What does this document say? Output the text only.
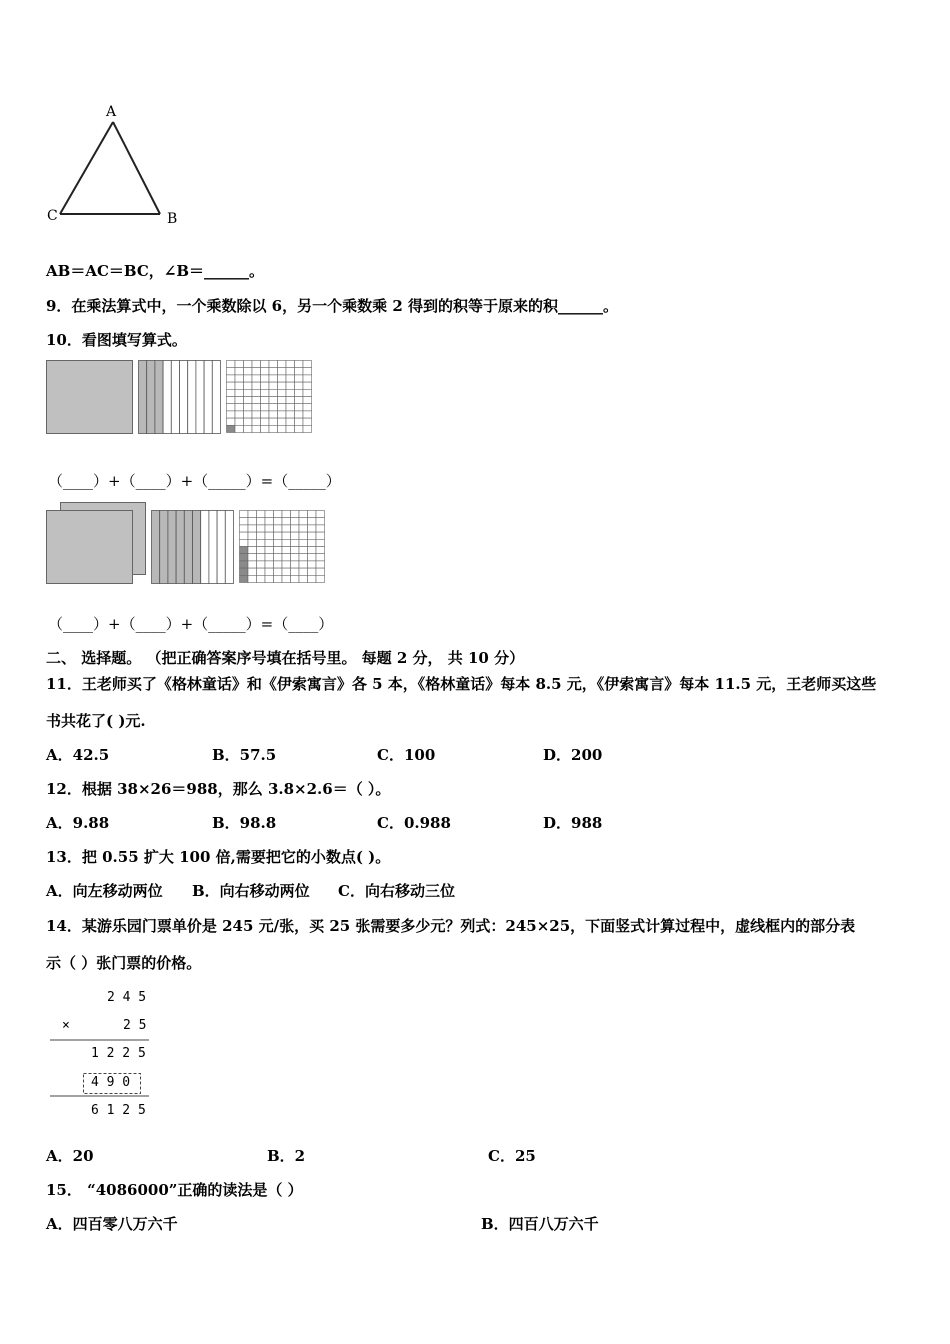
A
C	B
AB＝AC＝BC，∠B＝______。
9．在乘法算式中，一个乘数除以 6，另一个乘数乘 2 得到的积等于原来的积______。
10．看图填写算式。
（____）+（____）+（_____）=（_____）
（____）+（____）+（_____）=（____）
二、 选择题。 （把正确答案序号填在括号里。 每题 2 分， 共 10 分）
11．王老师买了《格林童话》和《伊索寓言》各 5 本，《格林童话》每本 8.5 元，《伊索寓言》每本 11.5 元，王老师买这些
书共花了( )元.
A．42.5	B．57.5	C．100	D．200
12．根据 38×26＝988，那么 3.8×2.6＝（ ）。
A．9.88	B．98.8	C．0.988	D．988
13．把 0.55 扩大 100 倍,需要把它的小数点( )。
A．向左移动两位 B．向右移动两位 C．向右移动三位
14．某游乐园门票单价是 245 元/张，买 25 张需要多少元？列式：245×25，下面竖式计算过程中，虚线框内的部分表
示（ ）张门票的价格。
2 4 5
×	2 5
1 2 2 5
4 9 0
6 1 2 5
A．20	B．2	C．25
15． “4086000”正确的读法是（ ）
A．四百零八万六千	B．四百八万六千
